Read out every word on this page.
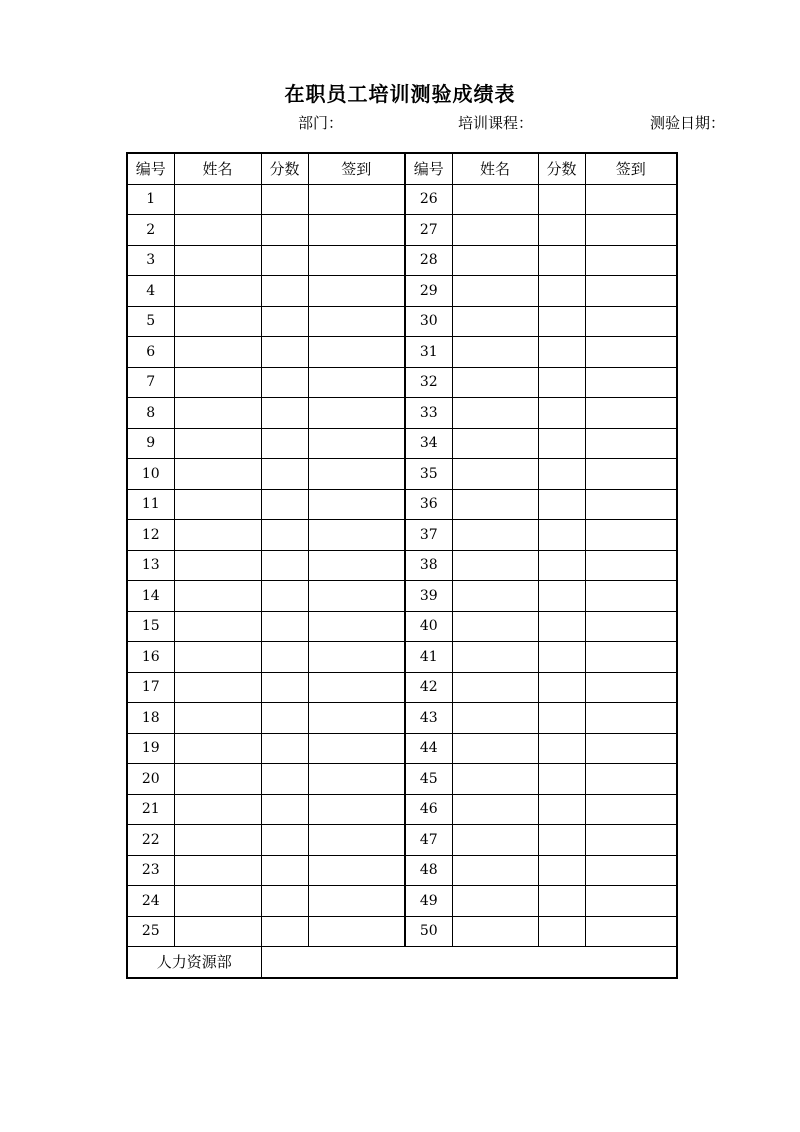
在职员工培训测验成绩表
部门：	培训课程：	测验日期：
编号	姓名	分数	签到	编号	姓名	分数	签到
1				26			
2				27			
3				28			
4				29			
5				30			
6				31			
7				32			
8				33			
9				34			
10				35			
11				36			
12				37			
13				38			
14				39			
15				40			
16				41			
17				42			
18				43			
19				44			
20				45			
21				46			
22				47			
23				48			
24				49			
25				50			
人力资源部							
